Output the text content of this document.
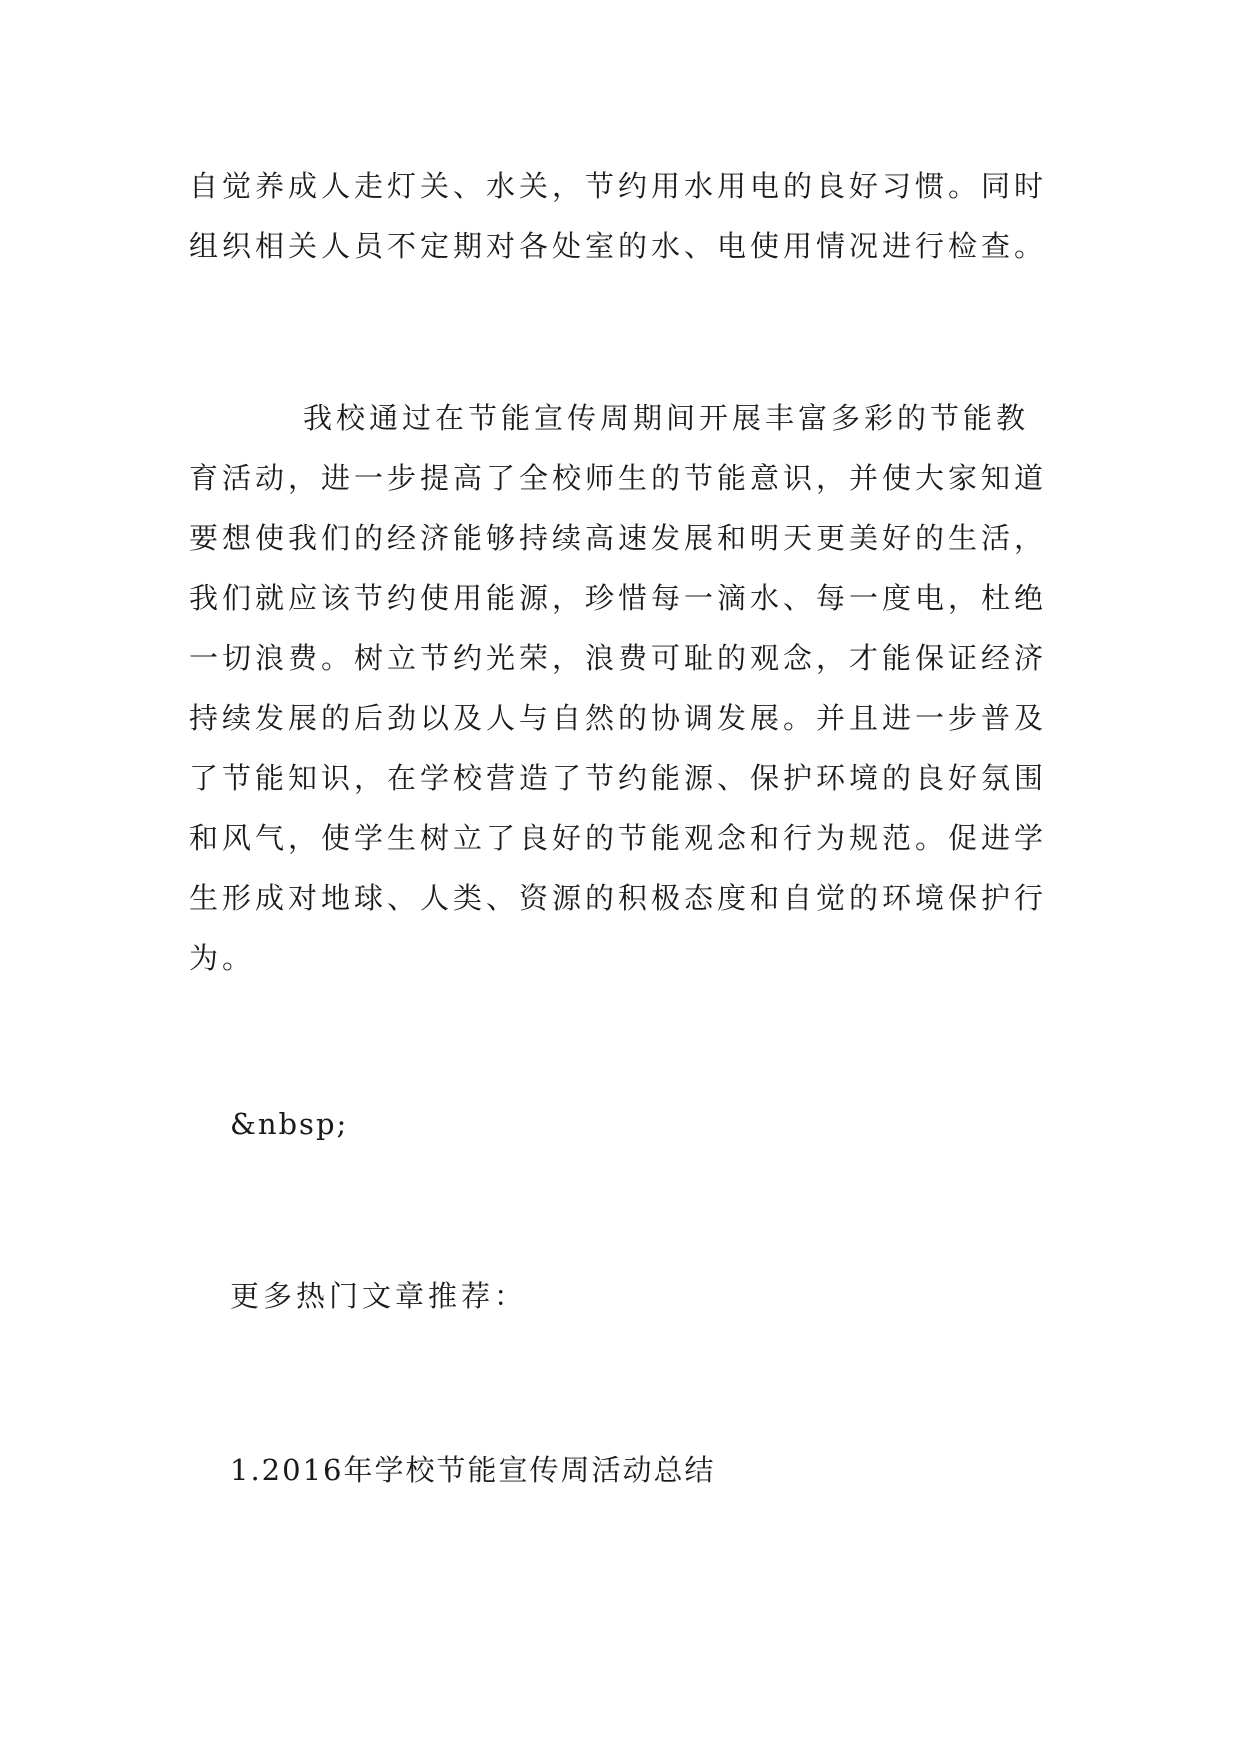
自觉养成人走灯关、水关，节约用水用电的良好习惯。同时
组织相关人员不定期对各处室的水、电使用情况进行检查。
我校通过在节能宣传周期间开展丰富多彩的节能教
育活动，进一步提高了全校师生的节能意识，并使大家知道
要想使我们的经济能够持续高速发展和明天更美好的生活，
我们就应该节约使用能源，珍惜每一滴水、每一度电，杜绝
一切浪费。树立节约光荣，浪费可耻的观念，才能保证经济
持续发展的后劲以及人与自然的协调发展。并且进一步普及
了节能知识，在学校营造了节约能源、保护环境的良好氛围
和风气，使学生树立了良好的节能观念和行为规范。促进学
生形成对地球、人类、资源的积极态度和自觉的环境保护行
为。
&nbsp;
更多热门文章推荐：
1.2016年学校节能宣传周活动总结
